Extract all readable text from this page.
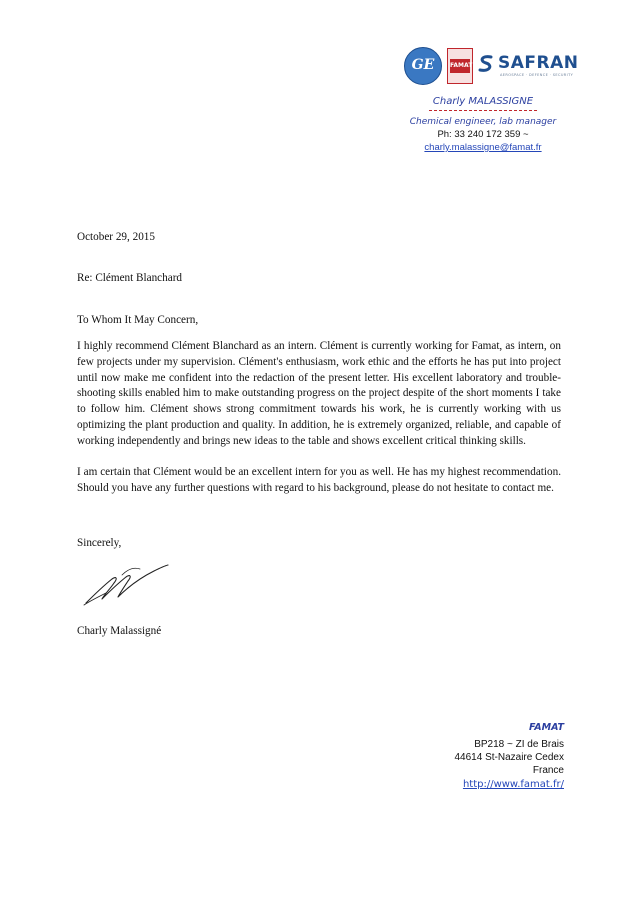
GE	FAMAT SAFRAN
AEROSPACE · DEFENCE · SECURITY
Charly MALASSIGNE
Chemical engineer, lab manager
Ph: 33 240 172 359 ~
charly.malassigne@famat.fr
October 29, 2015
Re: Clément Blanchard
To Whom It May Concern,

I highly recommend Clément Blanchard as an intern. Clément is currently working for Famat, as intern, on few projects under my supervision. Clément's enthusiasm, work ethic and the efforts he has put into project until now make me confident into the redaction of the present letter. His excellent laboratory and trouble-shooting skills enabled him to make outstanding progress on the project despite of the short moments I take to follow him. Clément shows strong commitment towards his work, he is currently working with us optimizing the plant production and quality. In addition, he is extremely organized, reliable, and capable of working independently and brings new ideas to the table and shows excellent critical thinking skills.

I am certain that Clément would be an excellent intern for you as well. He has my highest recommendation. Should you have any further questions with regard to his background, please do not hesitate to contact me.

Sincerely,
Charly Malassigné
FAMAT
BP218 ~ ZI de Brais
44614 St-Nazaire Cedex
France
http://www.famat.fr/
